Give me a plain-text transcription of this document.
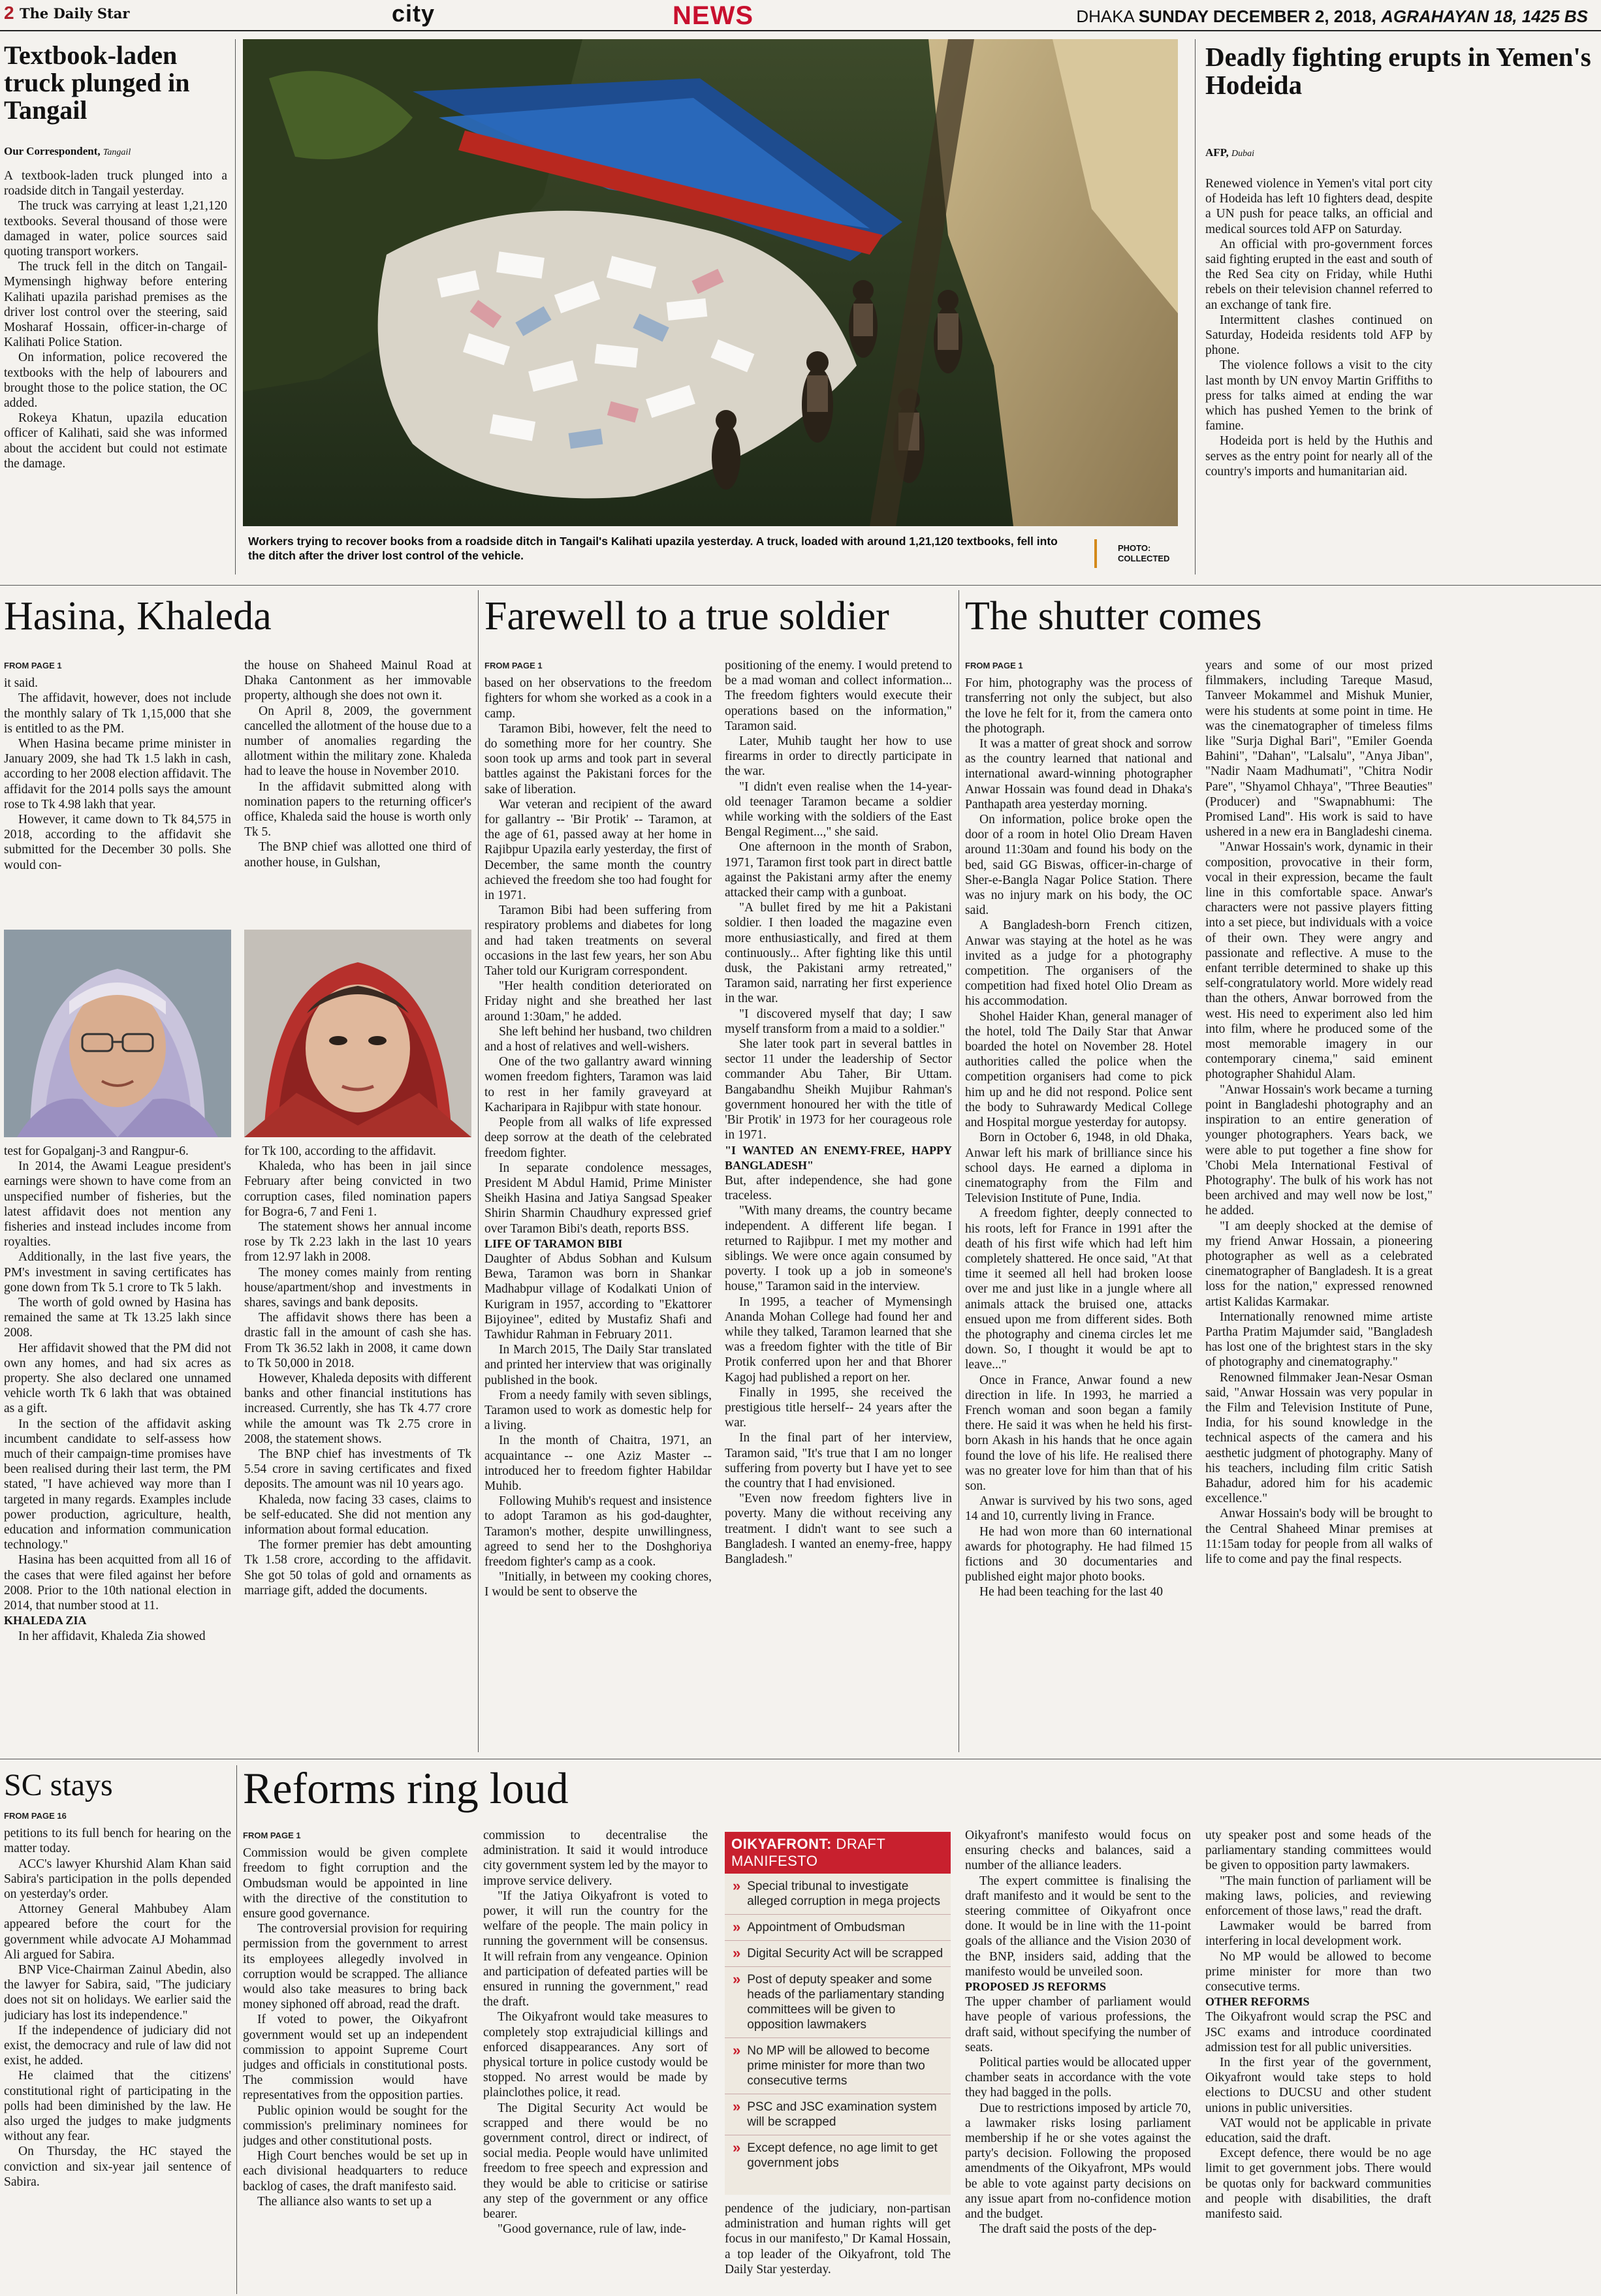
2 The Daily Star	city	NEWS	DHAKA SUNDAY DECEMBER 2, 2018, AGRAHAYAN 18, 1425 BS
Textbook-laden truck plunged in Tangail
Our Correspondent, Tangail

A textbook-laden truck plunged into a roadside ditch in Tangail yesterday.

The truck was carrying at least 1,21,120 textbooks. Several thousand of those were damaged in water, police sources said quoting transport workers.

The truck fell in the ditch on Tangail-Mymensingh highway before entering Kalihati upazila parishad premises as the driver lost control over the steering, said Mosharaf Hossain, officer-in-charge of Kalihati Police Station.

On information, police recovered the textbooks with the help of labourers and brought those to the police station, the OC added.

Rokeya Khatun, upazila education officer of Kalihati, said she was informed about the accident but could not estimate the damage.

Workers trying to recover books from a roadside ditch in Tangail's Kalihati upazila yesterday. A truck, loaded with around 1,21,120 textbooks, fell into the ditch after the driver lost control of the vehicle.
PHOTO:
COLLECTED
Deadly fighting erupts in Yemen's Hodeida
AFP, Dubai

Renewed violence in Yemen's vital port city of Hodeida has left 10 fighters dead, despite a UN push for peace talks, an official and medical sources told AFP on Saturday.

An official with pro-government forces said fighting erupted in the east and south of the Red Sea city on Friday, while Huthi rebels on their television channel referred to an exchange of tank fire.

Intermittent clashes continued on Saturday, Hodeida residents told AFP by phone.

The violence follows a visit to the city last month by UN envoy Martin Griffiths to press for talks aimed at ending the war which has pushed Yemen to the brink of famine.

Hodeida port is held by the Huthis and serves as the entry point for nearly all of the country's imports and humanitarian aid.

Hasina, Khaleda
FROM PAGE 1

it said.

The affidavit, however, does not include the monthly salary of Tk 1,15,000 that she is entitled to as the PM.

When Hasina became prime minister in January 2009, she had Tk 1.5 lakh in cash, according to her 2008 election affidavit. The affidavit for the 2014 polls says the amount rose to Tk 4.98 lakh that year.

However, it came down to Tk 84,575 in 2018, according to the affidavit she submitted for the December 30 polls. She would con-

the house on Shaheed Mainul Road at Dhaka Cantonment as her immovable property, although she does not own it.

On April 8, 2009, the government cancelled the allotment of the house due to a number of anomalies regarding the allotment within the military zone. Khaleda had to leave the house in November 2010.

In the affidavit submitted along with nomination papers to the returning officer's office, Khaleda said the house is worth only Tk 5.

The BNP chief was allotted one third of another house, in Gulshan,

test for Gopalganj-3 and Rangpur-6.

In 2014, the Awami League president's earnings were shown to have come from an unspecified number of fisheries, but the latest affidavit does not mention any fisheries and instead includes income from royalties.

Additionally, in the last five years, the PM's investment in saving certificates has gone down from Tk 5.1 crore to Tk 5 lakh.

The worth of gold owned by Hasina has remained the same at Tk 13.25 lakh since 2008.

Her affidavit showed that the PM did not own any homes, and had six acres as property. She also declared one unnamed vehicle worth Tk 6 lakh that was obtained as a gift.

In the section of the affidavit asking incumbent candidate to self-assess how much of their campaign-time promises have been realised during their last term, the PM stated, "I have achieved way more than I targeted in many regards. Examples include power production, agriculture, health, education and information communication technology."

Hasina has been acquitted from all 16 of the cases that were filed against her before 2008. Prior to the 10th national election in 2014, that number stood at 11.

KHALEDA ZIA

In her affidavit, Khaleda Zia showed

for Tk 100, according to the affidavit.

Khaleda, who has been in jail since February after being convicted in two corruption cases, filed nomination papers for Bogra-6, 7 and Feni 1.

The statement shows her annual income rose by Tk 2.23 lakh in the last 10 years from 12.97 lakh in 2008.

The money comes mainly from renting house/apartment/shop and investments in shares, savings and bank deposits.

The affidavit shows there has been a drastic fall in the amount of cash she has. From Tk 36.52 lakh in 2008, it came down to Tk 50,000 in 2018.

However, Khaleda deposits with different banks and other financial institutions has increased. Currently, she has Tk 4.77 crore while the amount was Tk 2.75 crore in 2008, the statement shows.

The BNP chief has investments of Tk 5.54 crore in saving certificates and fixed deposits. The amount was nil 10 years ago.

Khaleda, now facing 33 cases, claims to be self-educated. She did not mention any information about formal education.

The former premier has debt amounting Tk 1.58 crore, according to the affidavit. She got 50 tolas of gold and ornaments as marriage gift, added the documents.

Farewell to a true soldier
FROM PAGE 1

based on her observations to the freedom fighters for whom she worked as a cook in a camp.

Taramon Bibi, however, felt the need to do something more for her country. She soon took up arms and took part in several battles against the Pakistani forces for the sake of liberation.

War veteran and recipient of the award for gallantry -- 'Bir Protik' -- Taramon, at the age of 61, passed away at her home in Rajibpur Upazila early yesterday, the first of December, the same month the country achieved the freedom she too had fought for in 1971.

Taramon Bibi had been suffering from respiratory problems and diabetes for long and had taken treatments on several occasions in the last few years, her son Abu Taher told our Kurigram correspondent.

"Her health condition deteriorated on Friday night and she breathed her last around 1:30am," he added.

She left behind her husband, two children and a host of relatives and well-wishers.

One of the two gallantry award winning women freedom fighters, Taramon was laid to rest in her family graveyard at Kacharipara in Rajibpur with state honour.

People from all walks of life expressed deep sorrow at the death of the celebrated freedom fighter.

In separate condolence messages, President M Abdul Hamid, Prime Minister Sheikh Hasina and Jatiya Sangsad Speaker Shirin Sharmin Chaudhury expressed grief over Taramon Bibi's death, reports BSS.

LIFE OF TARAMON BIBI

Daughter of Abdus Sobhan and Kulsum Bewa, Taramon was born in Shankar Madhabpur village of Kodalkati Union of Kurigram in 1957, according to "Ekattorer Bijoyinee", edited by Mustafiz Shafi and Tawhidur Rahman in February 2011.

In March 2015, The Daily Star translated and printed her interview that was originally published in the book.

From a needy family with seven siblings, Taramon used to work as domestic help for a living.

In the month of Chaitra, 1971, an acquaintance -- one Aziz Master -- introduced her to freedom fighter Habildar Muhib.

Following Muhib's request and insistence to adopt Taramon as his god-daughter, Taramon's mother, despite unwillingness, agreed to send her to the Doshghoriya freedom fighter's camp as a cook.

"Initially, in between my cooking chores, I would be sent to observe the

positioning of the enemy. I would pretend to be a mad woman and collect information... The freedom fighters would execute their operations based on the information," Taramon said.

Later, Muhib taught her how to use firearms in order to directly participate in the war.

"I didn't even realise when the 14-year-old teenager Taramon became a soldier while working with the soldiers of the East Bengal Regiment...," she said.

One afternoon in the month of Srabon, 1971, Taramon first took part in direct battle against the Pakistani army after the enemy attacked their camp with a gunboat.

"A bullet fired by me hit a Pakistani soldier. I then loaded the magazine even more enthusiastically, and fired at them continuously... After fighting like this until dusk, the Pakistani army retreated," Taramon said, narrating her first experience in the war.

"I discovered myself that day; I saw myself transform from a maid to a soldier."

She later took part in several battles in sector 11 under the leadership of Sector commander Abu Taher, Bir Uttam. Bangabandhu Sheikh Mujibur Rahman's government honoured her with the title of 'Bir Protik' in 1973 for her courageous role in 1971.

"I WANTED AN ENEMY-FREE, HAPPY BANGLADESH"

But, after independence, she had gone traceless.

"With many dreams, the country became independent. A different life began. I returned to Rajibpur. I met my mother and siblings. We were once again consumed by poverty. I took up a job in someone's house," Taramon said in the interview.

In 1995, a teacher of Mymensingh Ananda Mohan College had found her and while they talked, Taramon learned that she was a freedom fighter with the title of Bir Protik conferred upon her and that Bhorer Kagoj had published a report on her.

Finally in 1995, she received the prestigious title herself-- 24 years after the war.

In the final part of her interview, Taramon said, "It's true that I am no longer suffering from poverty but I have yet to see the country that I had envisioned.

"Even now freedom fighters live in poverty. Many die without receiving any treatment. I didn't want to see such a Bangladesh. I wanted an enemy-free, happy Bangladesh."

The shutter comes
FROM PAGE 1

For him, photography was the process of transferring not only the subject, but also the love he felt for it, from the camera onto the photograph.

It was a matter of great shock and sorrow as the country learned that national and international award-winning photographer Anwar Hossain was found dead in Dhaka's Panthapath area yesterday morning.

On information, police broke open the door of a room in hotel Olio Dream Haven around 11:30am and found his body on the bed, said GG Biswas, officer-in-charge of Sher-e-Bangla Nagar Police Station. There was no injury mark on his body, the OC said.

A Bangladesh-born French citizen, Anwar was staying at the hotel as he was invited as a judge for a photography competition. The organisers of the competition had fixed hotel Olio Dream as his accommodation.

Shohel Haider Khan, general manager of the hotel, told The Daily Star that Anwar boarded the hotel on November 28. Hotel authorities called the police when the competition organisers had come to pick him up and he did not respond. Police sent the body to Suhrawardy Medical College and Hospital morgue yesterday for autopsy.

Born in October 6, 1948, in old Dhaka, Anwar left his mark of brilliance since his school days. He earned a diploma in cinematography from the Film and Television Institute of Pune, India.

A freedom fighter, deeply connected to his roots, left for France in 1991 after the death of his first wife which had left him completely shattered. He once said, "At that time it seemed all hell had broken loose over me and just like in a jungle where all animals attack the bruised one, attacks ensued upon me from different sides. Both the photography and cinema circles let me down. So, I thought it would be apt to leave..."

Once in France, Anwar found a new direction in life. In 1993, he married a French woman and soon began a family there. He said it was when he held his first-born Akash in his hands that he once again found the love of his life. He realised there was no greater love for him than that of his son.

Anwar is survived by his two sons, aged 14 and 10, currently living in France.

He had won more than 60 international awards for photography. He had filmed 15 fictions and 30 documentaries and published eight major photo books.

He had been teaching for the last 40

years and some of our most prized filmmakers, including Tareque Masud, Tanveer Mokammel and Mishuk Munier, were his students at some point in time. He was the cinematographer of timeless films like "Surja Dighal Bari", "Emiler Goenda Bahini", "Dahan", "Lalsalu", "Anya Jiban", "Nadir Naam Madhumati", "Chitra Nodir Pare", "Shyamol Chhaya", "Three Beauties" (Producer) and "Swapnabhumi: The Promised Land". His work is said to have ushered in a new era in Bangladeshi cinema.

"Anwar Hossain's work, dynamic in their composition, provocative in their form, vocal in their expression, became the fault line in this comfortable space. Anwar's characters were not passive players fitting into a set piece, but individuals with a voice of their own. They were angry and passionate and reflective. A muse to the enfant terrible determined to shake up this self-congratulatory world. More widely read than the others, Anwar borrowed from the west. His need to experiment also led him into film, where he produced some of the most memorable imagery in our contemporary cinema," said eminent photographer Shahidul Alam.

"Anwar Hossain's work became a turning point in Bangladeshi photography and an inspiration to an entire generation of younger photographers. Years back, we were able to put together a fine show for 'Chobi Mela International Festival of Photography'. The bulk of his work has not been archived and may well now be lost," he added.

"I am deeply shocked at the demise of my friend Anwar Hossain, a pioneering photographer as well as a celebrated cinematographer of Bangladesh. It is a great loss for the nation," expressed renowned artist Kalidas Karmakar.

Internationally renowned mime artiste Partha Pratim Majumder said, "Bangladesh has lost one of the brightest stars in the sky of photography and cinematography."

Renowned filmmaker Jean-Nesar Osman said, "Anwar Hossain was very popular in the Film and Television Institute of Pune, India, for his sound knowledge in the technical aspects of the camera and his aesthetic judgment of photography. Many of his teachers, including film critic Satish Bahadur, adored him for his academic excellence."

Anwar Hossain's body will be brought to the Central Shaheed Minar premises at 11:15am today for people from all walks of life to come and pay the final respects.

SC stays
FROM PAGE 16

petitions to its full bench for hearing on the matter today.

ACC's lawyer Khurshid Alam Khan said Sabira's participation in the polls depended on yesterday's order.

Attorney General Mahbubey Alam appeared before the court for the government while advocate AJ Mohammad Ali argued for Sabira.

BNP Vice-Chairman Zainul Abedin, also the lawyer for Sabira, said, "The judiciary does not sit on holidays. We earlier said the judiciary has lost its independence."

If the independence of judiciary did not exist, the democracy and rule of law did not exist, he added.

He claimed that the citizens' constitutional right of participating in the polls had been diminished by the law. He also urged the judges to make judgments without any fear.

On Thursday, the HC stayed the conviction and six-year jail sentence of Sabira.

Reforms ring loud
FROM PAGE 1

Commission would be given complete freedom to fight corruption and the Ombudsman would be appointed in line with the directive of the constitution to ensure good governance.

The controversial provision for requiring permission from the government to arrest its employees allegedly involved in corruption would be scrapped. The alliance would also take measures to bring back money siphoned off abroad, read the draft.

If voted to power, the Oikyafront government would set up an independent commission to appoint Supreme Court judges and officials in constitutional posts. The commission would have representatives from the opposition parties.

Public opinion would be sought for the commission's preliminary nominees for judges and other constitutional posts.

High Court benches would be set up in each divisional headquarters to reduce backlog of cases, the draft manifesto said.

The alliance also wants to set up a

commission to decentralise the administration. It said it would introduce city government system led by the mayor to improve service delivery.

"If the Jatiya Oikyafront is voted to power, it will run the country for the welfare of the people. The main policy in running the government will be consensus. It will refrain from any vengeance. Opinion and participation of defeated parties will be ensured in running the government," read the draft.

The Oikyafront would take measures to completely stop extrajudicial killings and enforced disappearances. Any sort of physical torture in police custody would be stopped. No arrest would be made by plainclothes police, it read.

The Digital Security Act would be scrapped and there would be no government control, direct or indirect, of social media. People would have unlimited freedom to free speech and expression and they would be able to criticise or satirise any step of the government or any office bearer.

"Good governance, rule of law, inde-

OIKYAFRONT: DRAFT MANIFESTO
» Special tribunal to investigate alleged corruption in mega projects
» Appointment of Ombudsman
» Digital Security Act will be scrapped
» Post of deputy speaker and some heads of the parliamentary standing committees will be given to opposition lawmakers
» No MP will be allowed to become prime minister for more than two consecutive terms
» PSC and JSC examination system will be scrapped
» Except defence, no age limit to get government jobs

pendence of the judiciary, non-partisan administration and human rights will get focus in our manifesto," Dr Kamal Hossain, a top leader of the Oikyafront, told The Daily Star yesterday.

Oikyafront's manifesto would focus on ensuring checks and balances, said a number of the alliance leaders.

The expert committee is finalising the draft manifesto and it would be sent to the steering committee of Oikyafront once done. It would be in line with the 11-point goals of the alliance and the Vision 2030 of the BNP, insiders said, adding that the manifesto would be unveiled soon.

PROPOSED JS REFORMS

The upper chamber of parliament would have people of various professions, the draft said, without specifying the number of seats.

Political parties would be allocated upper chamber seats in accordance with the vote they had bagged in the polls.

Due to restrictions imposed by article 70, a lawmaker risks losing parliament membership if he or she votes against the party's decision. Following the proposed amendments of the Oikyafront, MPs would be able to vote against party decisions on any issue apart from no-confidence motion and the budget.

The draft said the posts of the dep-

uty speaker post and some heads of the parliamentary standing committees would be given to opposition party lawmakers.

"The main function of parliament will be making laws, policies, and reviewing enforcement of those laws," read the draft.

Lawmaker would be barred from interfering in local development work.

No MP would be allowed to become prime minister for more than two consecutive terms.

OTHER REFORMS

The Oikyafront would scrap the PSC and JSC exams and introduce coordinated admission test for all public universities.

In the first year of the government, Oikyafront would take steps to hold elections to DUCSU and other student unions in public universities.

VAT would not be applicable in private education, said the draft.

Except defence, there would be no age limit to get government jobs. There would be quotas only for backward communities and people with disabilities, the draft manifesto said.
